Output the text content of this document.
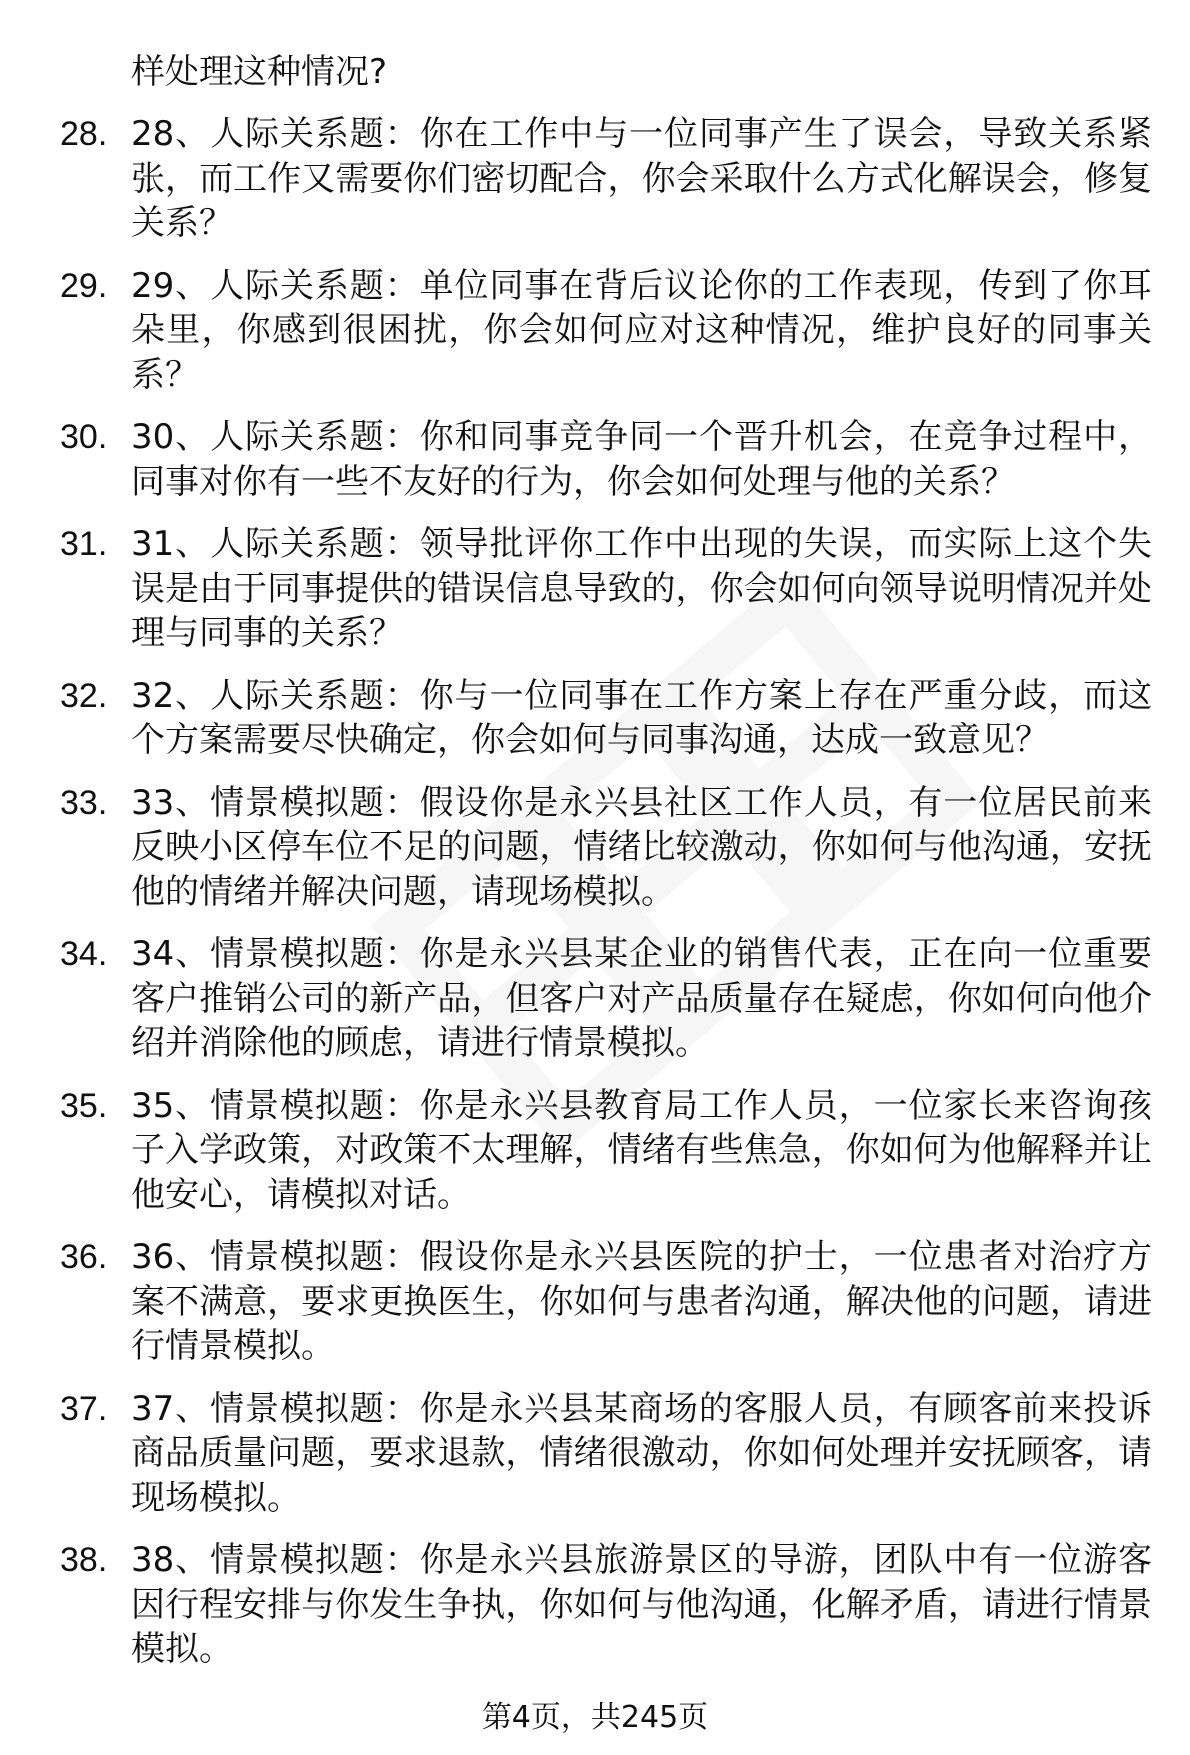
样处理这种情况?

28. 28、人际关系题：你在工作中与一位同事产生了误会，导致关系紧张，而工作又需要你们密切配合，你会采取什么方式化解误会，修复关系？
29. 29、人际关系题：单位同事在背后议论你的工作表现，传到了你耳朵里，你感到很困扰，你会如何应对这种情况，维护良好的同事关系？
30. 30、人际关系题：你和同事竞争同一个晋升机会，在竞争过程中，同事对你有一些不友好的行为，你会如何处理与他的关系？
31. 31、人际关系题：领导批评你工作中出现的失误，而实际上这个失误是由于同事提供的错误信息导致的，你会如何向领导说明情况并处理与同事的关系？
32. 32、人际关系题：你与一位同事在工作方案上存在严重分歧，而这个方案需要尽快确定，你会如何与同事沟通，达成一致意见？
33. 33、情景模拟题：假设你是永兴县社区工作人员，有一位居民前来反映小区停车位不足的问题，情绪比较激动，你如何与他沟通，安抚他的情绪并解决问题，请现场模拟。
34. 34、情景模拟题：你是永兴县某企业的销售代表，正在向一位重要客户推销公司的新产品，但客户对产品质量存在疑虑，你如何向他介绍并消除他的顾虑，请进行情景模拟。
35. 35、情景模拟题：你是永兴县教育局工作人员，一位家长来咨询孩子入学政策，对政策不太理解，情绪有些焦急，你如何为他解释并让他安心，请模拟对话。
36. 36、情景模拟题：假设你是永兴县医院的护士，一位患者对治疗方案不满意，要求更换医生，你如何与患者沟通，解决他的问题，请进行情景模拟。
37. 37、情景模拟题：你是永兴县某商场的客服人员，有顾客前来投诉商品质量问题，要求退款，情绪很激动，你如何处理并安抚顾客，请现场模拟。
38. 38、情景模拟题：你是永兴县旅游景区的导游，团队中有一位游客因行程安排与你发生争执，你如何与他沟通，化解矛盾，请进行情景模拟。
第4页，共245页
